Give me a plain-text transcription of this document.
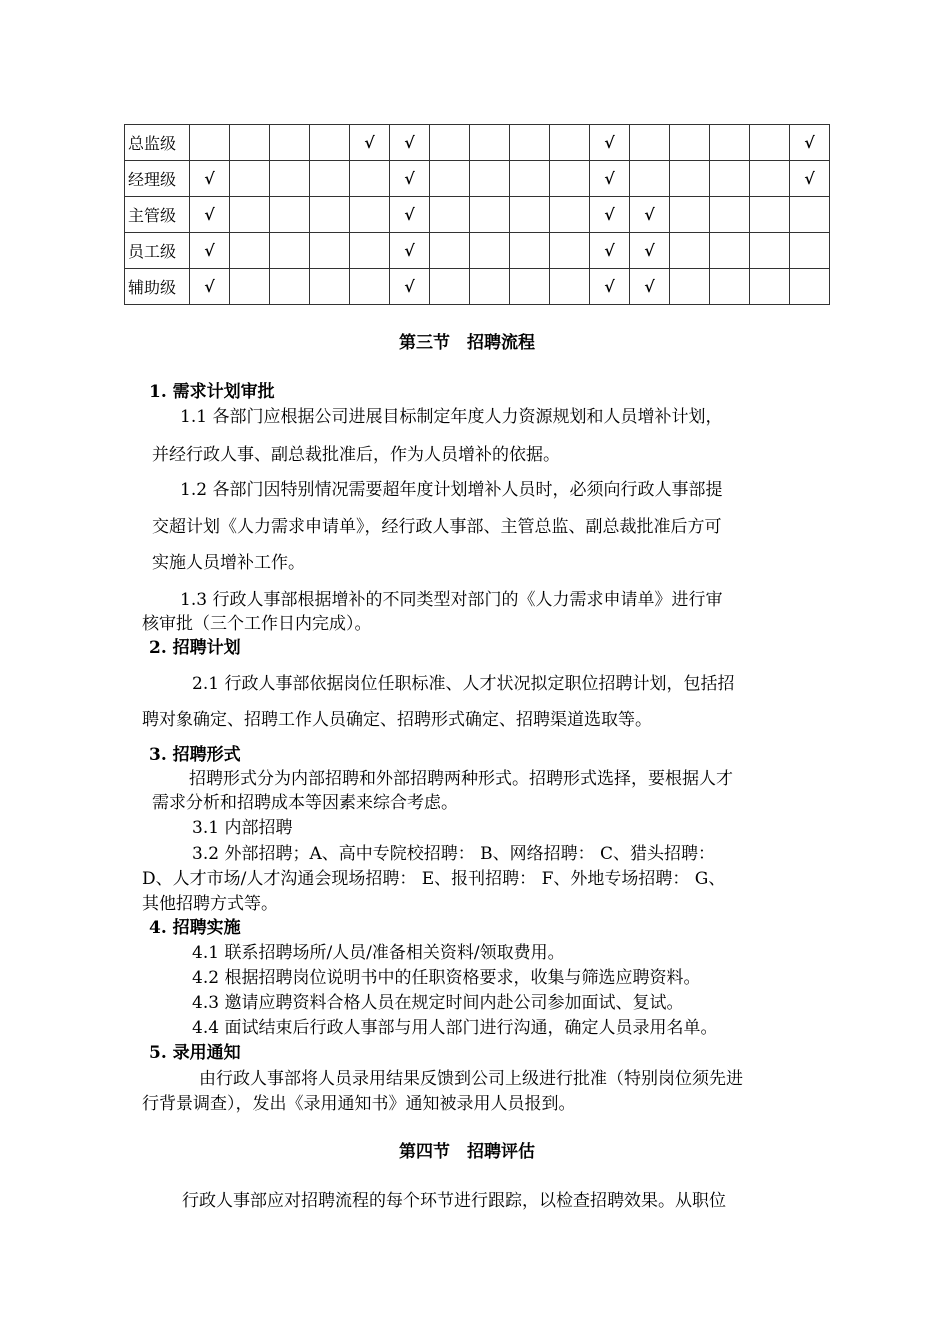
总监级					√	√					√					√
经理级	√					√					√					√
主管级	√					√					√	√				
员工级	√					√					√	√				
辅助级	√					√					√	√				
第三节　招聘流程
1. 需求计划审批
1.1 各部门应根据公司进展目标制定年度人力资源规划和人员增补计划，
并经行政人事、副总裁批准后，作为人员增补的依据。
1.2 各部门因特别情况需要超年度计划增补人员时，必须向行政人事部提
交超计划《人力需求申请单》，经行政人事部、主管总监、副总裁批准后方可
实施人员增补工作。
1.3 行政人事部根据增补的不同类型对部门的《人力需求申请单》进行审
核审批（三个工作日内完成）。
2. 招聘计划
2.1 行政人事部依据岗位任职标准、人才状况拟定职位招聘计划，包括招
聘对象确定、招聘工作人员确定、招聘形式确定、招聘渠道选取等。
3. 招聘形式
招聘形式分为内部招聘和外部招聘两种形式。招聘形式选择，要根据人才
需求分析和招聘成本等因素来综合考虑。
3.1 内部招聘
3.2 外部招聘；A、高中专院校招聘： B、网络招聘： C、猎头招聘：
D、人才市场/人才沟通会现场招聘： E、报刊招聘： F、外地专场招聘： G、
其他招聘方式等。
4. 招聘实施
4.1 联系招聘场所/人员/准备相关资料/领取费用。
4.2 根据招聘岗位说明书中的任职资格要求，收集与筛选应聘资料。
4.3 邀请应聘资料合格人员在规定时间内赴公司参加面试、复试。
4.4 面试结束后行政人事部与用人部门进行沟通，确定人员录用名单。
5. 录用通知
由行政人事部将人员录用结果反馈到公司上级进行批准（特别岗位须先进
行背景调查），发出《录用通知书》通知被录用人员报到。
第四节　招聘评估
行政人事部应对招聘流程的每个环节进行跟踪，以检查招聘效果。从职位
